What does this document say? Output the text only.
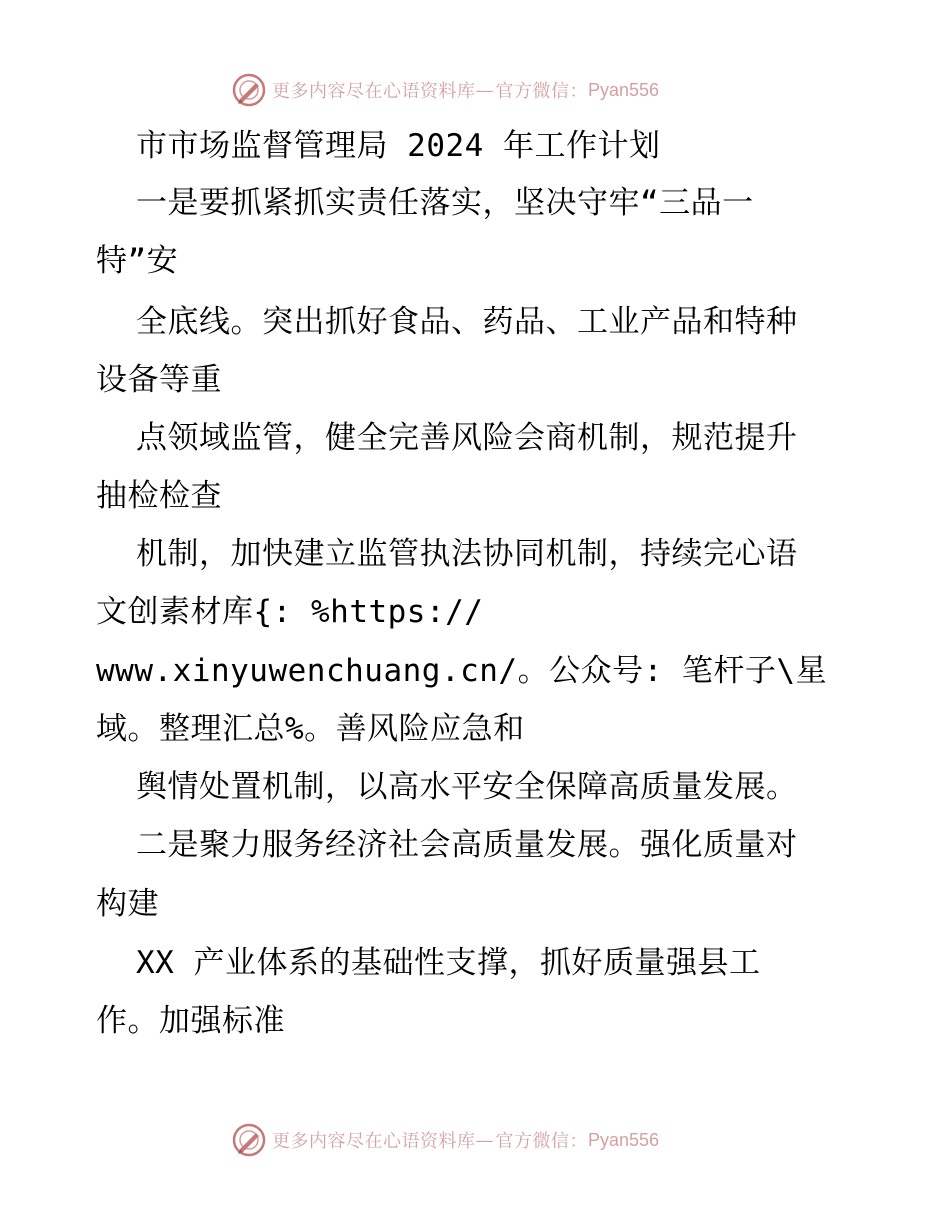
更多内容尽在心语资料库 — 官方微信： Pyan556
市市场监督管理局 2024 年工作计划
一是要抓紧抓实责任落实，坚决守牢“三品一
特”安
全底线。突出抓好食品、药品、工业产品和特种
设备等重
点领域监管，健全完善风险会商机制，规范提升
抽检检查
机制，加快建立监管执法协同机制，持续完心语
文创素材库{: %https://
www.xinyuwenchuang.cn/。公众号: 笔杆子\星
域。整理汇总%。善风险应急和
舆情处置机制，以高水平安全保障高质量发展。
二是聚力服务经济社会高质量发展。强化质量对
构建
XX 产业体系的基础性支撑，抓好质量强县工
作。加强标准
更多内容尽在心语资料库 — 官方微信： Pyan556
